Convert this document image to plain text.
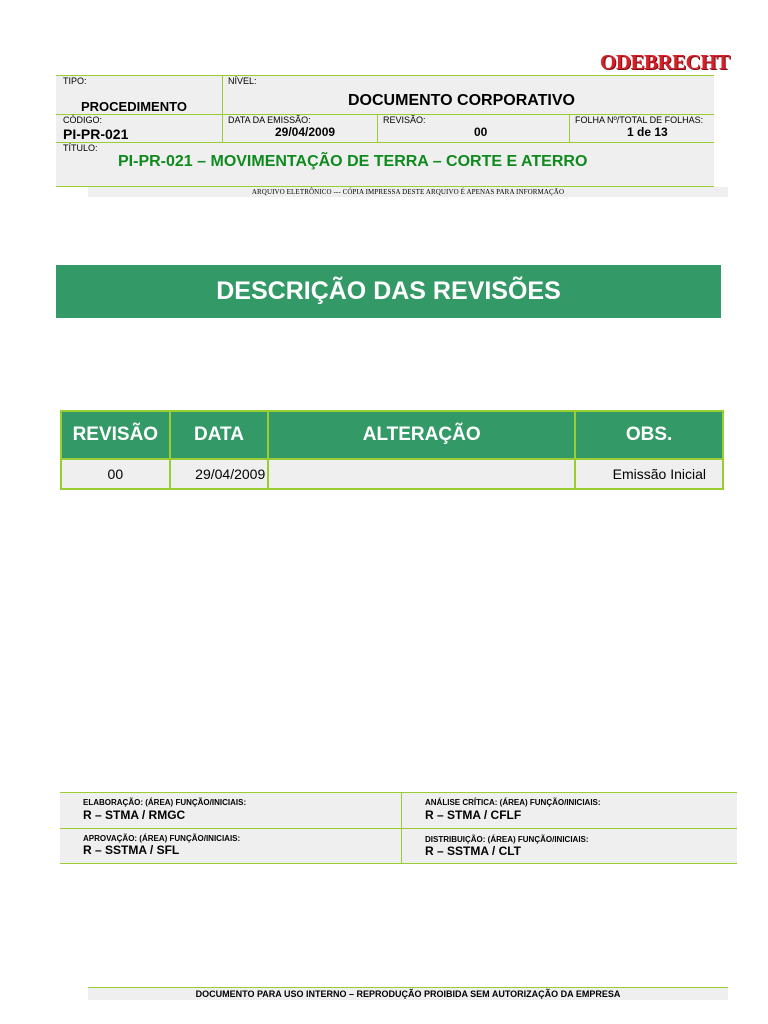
ODEBRECHT
TIPO:
PROCEDIMENTO
NÍVEL:
DOCUMENTO CORPORATIVO
CÓDIGO:
PI-PR-021
DATA DA EMISSÃO:
29/04/2009
REVISÃO:
00
FOLHA Nº/TOTAL DE FOLHAS:
1 de 13
TÍTULO:
PI-PR-021 – MOVIMENTAÇÃO DE TERRA – CORTE E ATERRO
ARQUIVO ELETRÔNICO --- CÓPIA IMPRESSA DESTE ARQUIVO É APENAS PARA INFORMAÇÃO
DESCRIÇÃO DAS REVISÕES
REVISÃO	DATA	ALTERAÇÃO	OBS.
00	29/04/2009		Emissão Inicial
ELABORAÇÃO: (ÁREA) FUNÇÃO/INICIAIS:
R – STMA / RMGC
ANÁLISE CRÍTICA: (ÁREA) FUNÇÃO/INICIAIS:
R – STMA / CFLF
APROVAÇÃO: (ÁREA) FUNÇÃO/INICIAIS:
R – SSTMA / SFL
DISTRIBUIÇÃO: (ÁREA) FUNÇÃO/INICIAIS:
R – SSTMA / CLT
DOCUMENTO PARA USO INTERNO – REPRODUÇÃO PROIBIDA SEM AUTORIZAÇÃO DA EMPRESA
